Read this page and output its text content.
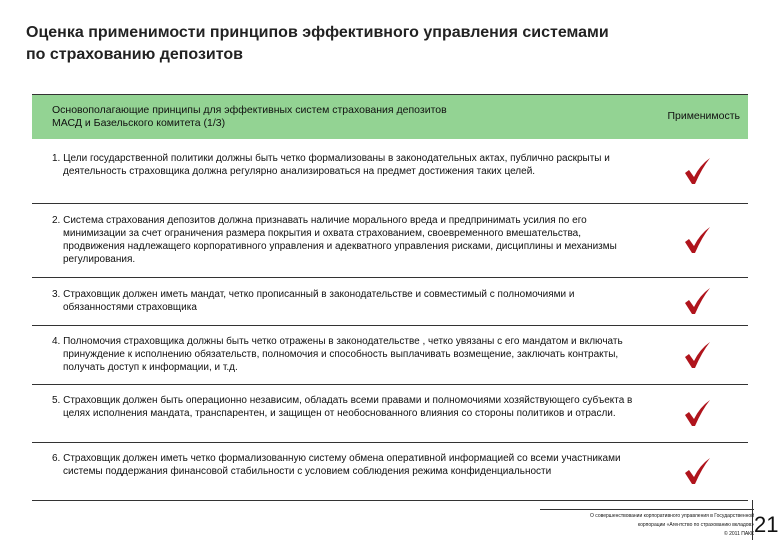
Оценка применимости принципов эффективного управления системами
по страхованию депозитов
Основополагающие принципы для эффективных систем страхования депозитов
МАСД и Базельского комитета (1/3)
Применимость
1. Цели государственной политики должны быть четко формализованы в законодательных актах, публично раскрыты и деятельность страховщика должна регулярно анализироваться на предмет достижения таких целей.
2. Система страхования депозитов должна признавать наличие морального вреда и предпринимать усилия по его минимизации за счет ограничения размера покрытия и охвата страхованием, своевременного вмешательства, продвижения надлежащего корпоративного управления и адекватного управления рисками, дисциплины и механизмы регулирования.
3. Страховщик должен иметь мандат, четко прописанный в законодательстве и совместимый с полномочиями и обязанностями страховщика
4. Полномочия страховщика должны быть четко отражены в законодательстве , четко увязаны с его мандатом и включать принуждение к исполнению обязательств, полномочия и способность выплачивать возмещение, заключать контракты, получать доступ к информации, и т.д.
5. Страховщик должен быть операционно независим, обладать всеми правами и полномочиями хозяйствующего субъекта в целях исполнения мандата, транспарентен, и защищен от необоснованного влияния со стороны политиков и отрасли.
6. Страховщик должен иметь четко формализованную систему обмена оперативной информацией со всеми участниками системы поддержания финансовой стабильности с условием соблюдения режима конфиденциальности
О совершенствовании корпоративного управления в Государственной
корпорации «Агентство по страхованию вкладов»
© 2011 ПАКК 21
